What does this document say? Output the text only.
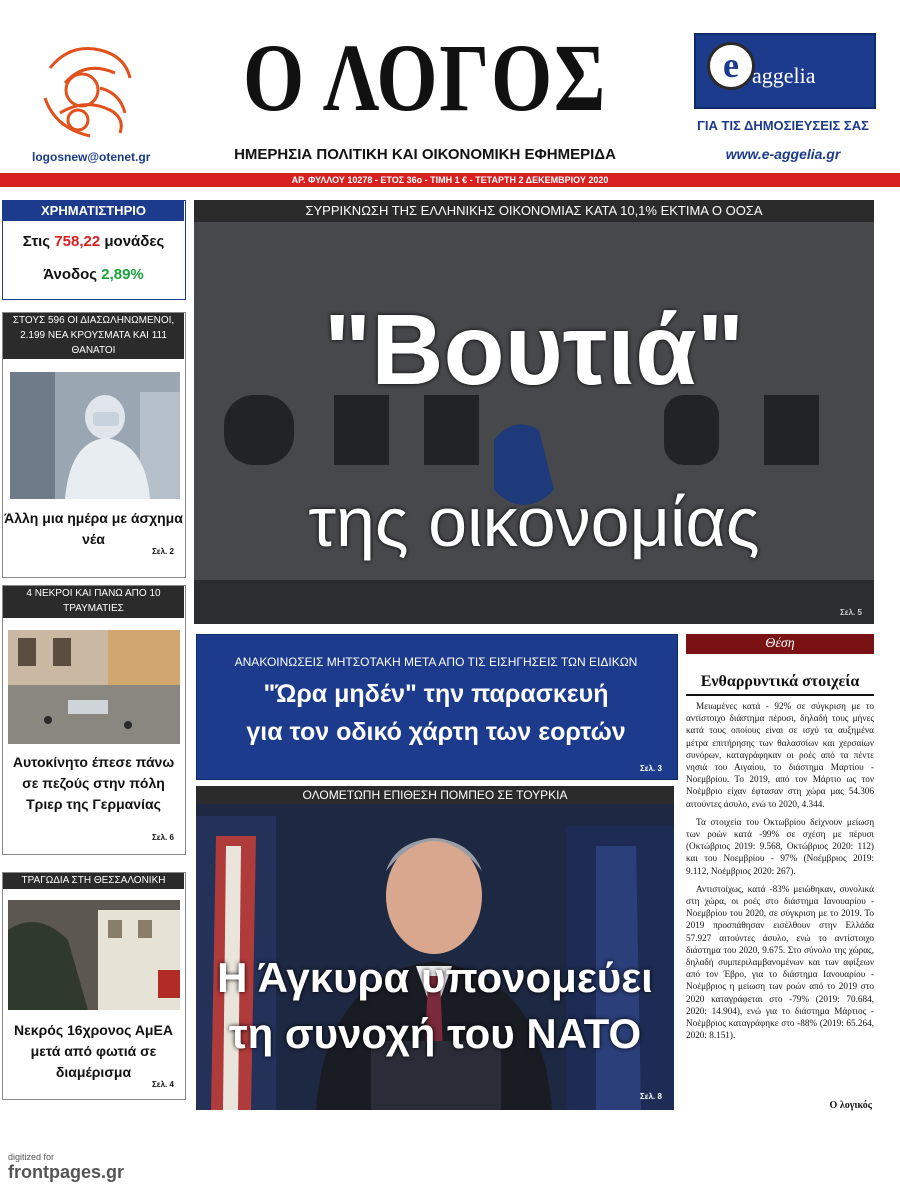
logosnew@otenet.gr
Ο ΛΟΓΟΣ
ΗΜΕΡΗΣΙΑ ΠΟΛΙΤΙΚΗ ΚΑΙ ΟΙΚΟΝΟΜΙΚΗ ΕΦΗΜΕΡΙΔΑ
e aggelia
ΓΙΑ ΤΙΣ ΔΗΜΟΣΙΕΥΣΕΙΣ ΣΑΣ
www.e-aggelia.gr
ΑΡ. ΦΥΛΛΟΥ 10278 - ΕΤΟΣ 36ο - ΤΙΜΗ 1 € - ΤΕΤΑΡΤΗ 2 ΔΕΚΕΜΒΡΙΟΥ 2020
ΧΡΗΜΑΤΙΣΤΗΡΙΟ
Στις 758,22 μονάδες
Άνοδος 2,89%
ΣΤΟΥΣ 596 ΟΙ ΔΙΑΣΩΛΗΝΩΜΕΝΟΙ, 2.199 ΝΕΑ ΚΡΟΥΣΜΑΤΑ ΚΑΙ 111 ΘΑΝΑΤΟΙ
Άλλη μια ημέρα με άσχημα νέα
Σελ. 2
4 ΝΕΚΡΟΙ ΚΑΙ ΠΑΝΩ ΑΠΟ 10 ΤΡΑΥΜΑΤΙΕΣ
Αυτοκίνητο έπεσε πάνω σε πεζούς στην πόλη Τριερ της Γερμανίας
Σελ. 6
ΤΡΑΓΩΔΙΑ ΣΤΗ ΘΕΣΣΑΛΟΝΙΚΗ
Νεκρός 16χρονος ΑμΕΑ μετά από φωτιά σε διαμέρισμα
Σελ. 4
ΣΥΡΡΙΚΝΩΣΗ ΤΗΣ ΕΛΛΗΝΙΚΗΣ ΟΙΚΟΝΟΜΙΑΣ ΚΑΤΑ 10,1% ΕΚΤΙΜΑ Ο ΟΟΣΑ
"Βουτιά"
της οικονομίας
Σελ. 5
ΑΝΑΚΟΙΝΩΣΕΙΣ ΜΗΤΣΟΤΑΚΗ ΜΕΤΑ ΑΠΟ ΤΙΣ ΕΙΣΗΓΗΣΕΙΣ ΤΩΝ ΕΙΔΙΚΩΝ
"Ώρα μηδέν" την παρασκευή
για τον οδικό χάρτη των εορτών
Σελ. 3
ΟΛΟΜΕΤΩΠΗ ΕΠΙΘΕΣΗ ΠΟΜΠΕΟ ΣΕ ΤΟΥΡΚΙΑ
Η Άγκυρα υπονομεύει
τη συνοχή του ΝΑΤΟ
Σελ. 8
Θέση
Ενθαρρυντικά στοιχεία

Μειωμένες κατά - 92% σε σύγκριση με το αντίστοιχο διάστημα πέρυσι, δηλαδή τους μήνες κατά τους οποίους είναι σε ισχύ τα αυξημένα μέτρα επιτήρησης των θαλασσίων και χερσαίων συνόρων, καταγράφηκαν οι ροές από τα πέντε νησιά του Αιγαίου, το διάστημα Μαρτίου - Νοεμβρίου. Το 2019, από τον Μάρτιο ως τον Νοέμβριο είχαν έφτασαν στη χώρα μας 54.306 αιτούντες άσυλο, ενώ το 2020, 4.344.

Τα στοιχεία του Οκτωβρίου δείχνουν μείωση των ροών κατά -99% σε σχέση με πέρυσι (Οκτώβριος 2019: 9.568, Οκτώβριος 2020: 112) και του Νοεμβρίου - 97% (Νοέμβριος 2019: 9.112, Νοέμβριος 2020: 267).

Αντιστοίχως, κατά -83% μειώθηκαν, συνολικά στη χώρα, οι ροές στο διάστημα Ιανουαρίου - Νοεμβρίου του 2020, σε σύγκριση με το 2019. Το 2019 προσπάθησαν εισέλθουν στην Ελλάδα 57.927 αιτούντες άσυλο, ενώ το αντίστοιχο διάστημα του 2020, 9.675. Στο σύνολο της χώρας, δηλαδή συμπεριλαμβανομένων και των αφίξεων από τον Έβρο, για το διάστημα Ιανουαρίου - Νοέμβριος η μείωση των ροών από το 2019 στο 2020 καταγράφεται στο -79% (2019: 70.684, 2020: 14.904), ενώ για το διάστημα Μάρτιος - Νοέμβριος καταγράφηκε στο -88% (2019: 65.264, 2020: 8.151).

Ο λογικός
digitized for
frontpages.gr
